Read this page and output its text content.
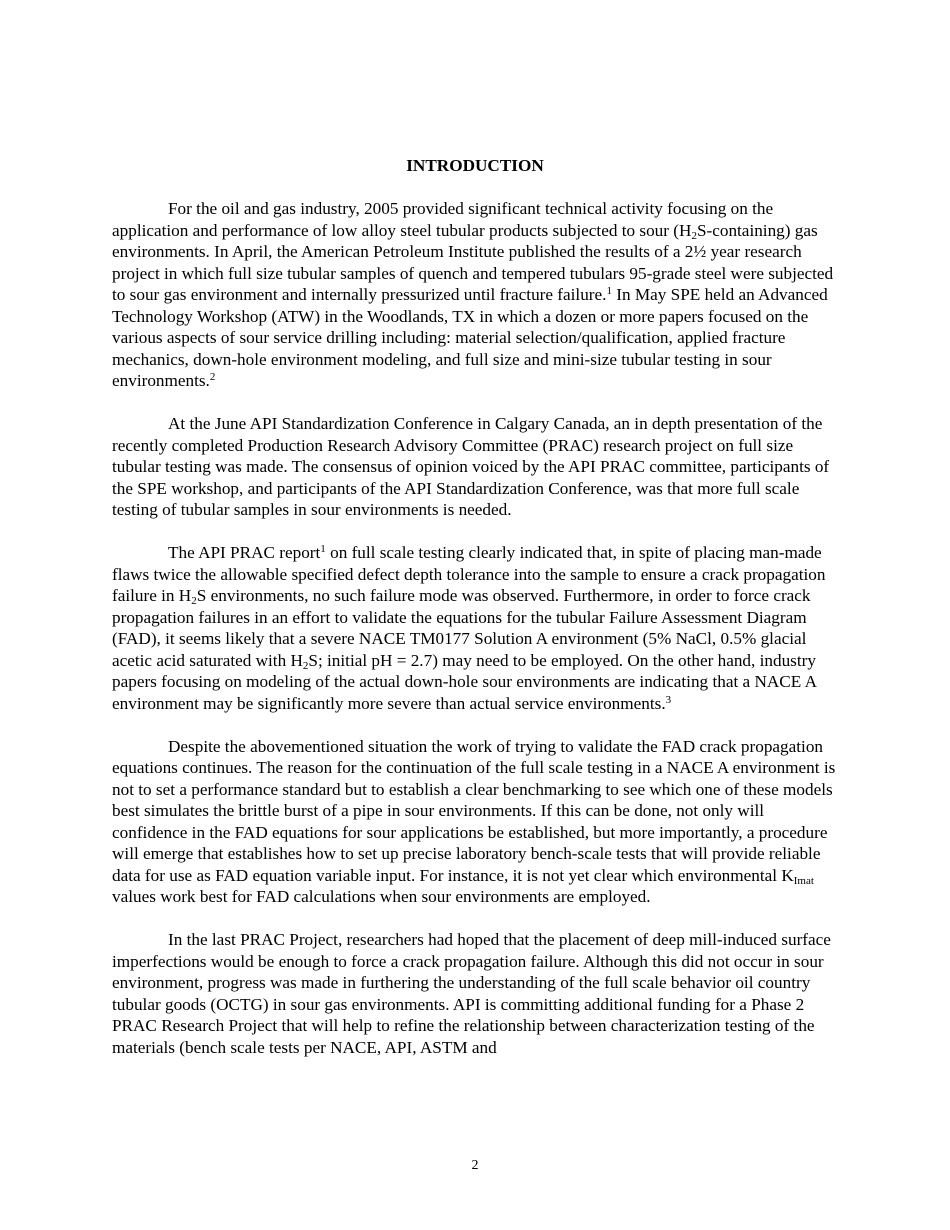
INTRODUCTION

For the oil and gas industry, 2005 provided significant technical activity focusing on the application and performance of low alloy steel tubular products subjected to sour $(H_2S-containing)$ gas environments. In April, the American Petroleum Institute published the results of a 2½ year research project in which full size tubular samples of quench and tempered tubulars 95-grade steel were subjected to sour gas environment and internally pressurized until fracture failure.$^1$ In May SPE held an Advanced Technology Workshop (ATW) in the Woodlands, TX in which a dozen or more papers focused on the various aspects of sour service drilling including: material selection/qualification, applied fracture mechanics, down-hole environment modeling, and full size and mini-size tubular testing in sour environments.$^2$

At the June API Standardization Conference in Calgary Canada, an in depth presentation of the recently completed Production Research Advisory Committee (PRAC) research project on full size tubular testing was made. The consensus of opinion voiced by the API PRAC committee, participants of the SPE workshop, and participants of the API Standardization Conference, was that more full scale testing of tubular samples in sour environments is needed.

The API PRAC report$^1$ on full scale testing clearly indicated that, in spite of placing man-made flaws twice the allowable specified defect depth tolerance into the sample to ensure a crack propagation failure in $H_2S$ environments, no such failure mode was observed. Furthermore, in order to force crack propagation failures in an effort to validate the equations for the tubular Failure Assessment Diagram (FAD), it seems likely that a severe NACE TM0177 Solution A environment (5% NaCl, 0.5% glacial acetic acid saturated with $H_2S$; initial pH = 2.7) may need to be employed. On the other hand, industry papers focusing on modeling of the actual down-hole sour environments are indicating that a NACE A environment may be significantly more severe than actual service environments.$^3$

Despite the abovementioned situation the work of trying to validate the FAD crack propagation equations continues. The reason for the continuation of the full scale testing in a NACE A environment is not to set a performance standard but to establish a clear benchmarking to see which one of these models best simulates the brittle burst of a pipe in sour environments. If this can be done, not only will confidence in the FAD equations for sour applications be established, but more importantly, a procedure will emerge that establishes how to set up precise laboratory bench-scale tests that will provide reliable data for use as FAD equation variable input. For instance, it is not yet clear which environmental $K_{Imat}$ values work best for FAD calculations when sour environments are employed.

In the last PRAC Project, researchers had hoped that the placement of deep mill-induced surface imperfections would be enough to force a crack propagation failure. Although this did not occur in sour environment, progress was made in furthering the understanding of the full scale behavior oil country tubular goods (OCTG) in sour gas environments. API is committing additional funding for a Phase 2 PRAC Research Project that will help to refine the relationship between characterization testing of the materials (bench scale tests per NACE, API, ASTM and

2
